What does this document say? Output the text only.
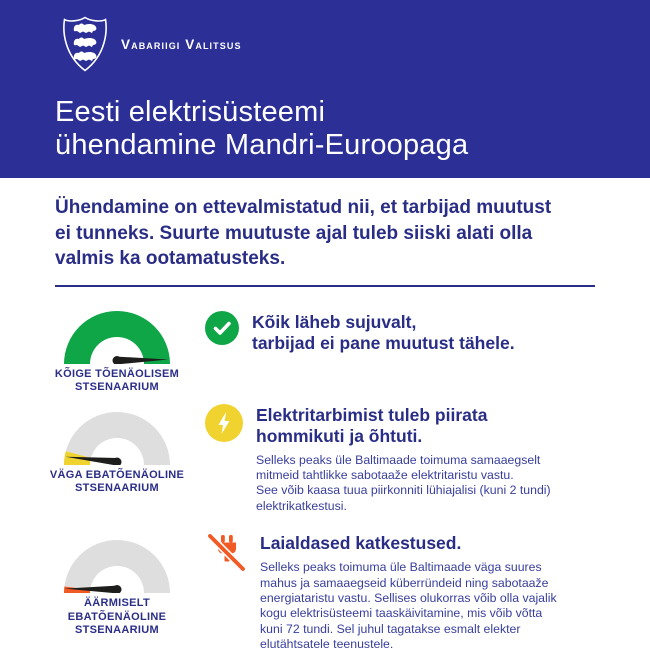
Vabariigi Valitsus
Eesti elektrisüsteemi
ühendamine Mandri-Euroopaga
Ühendamine on ettevalmistatud nii, et tarbijad muutust
ei tunneks. Suurte muutuste ajal tuleb siiski alati olla
valmis ka ootamatusteks.
KÕIGE TÕENÄOLISEM
STSENAARIUM
Kõik läheb sujuvalt,
tarbijad ei pane muutust tähele.
VÄGA EBATÕENÄOLINE
STSENAARIUM
Elektritarbimist tuleb piirata
hommikuti ja õhtuti.
Selleks peaks üle Baltimaade toimuma samaaegselt
mitmeid tahtlikke sabotaaže elektritaristu vastu.
See võib kaasa tuua piirkonniti lühiajalisi (kuni 2 tundi)
elektrikatkestusi.
ÄÄRMISELT
EBATÕENÄOLINE
STSENAARIUM
Laialdased katkestused.
Selleks peaks toimuma üle Baltimaade väga suures
mahus ja samaaegseid küberründeid ning sabotaaže
energiataristu vastu. Sellises olukorras võib olla vajalik
kogu elektrisüsteemi taaskäivitamine, mis võib võtta
kuni 72 tundi. Sel juhul tagatakse esmalt elekter
elutähtsatele teenustele.
